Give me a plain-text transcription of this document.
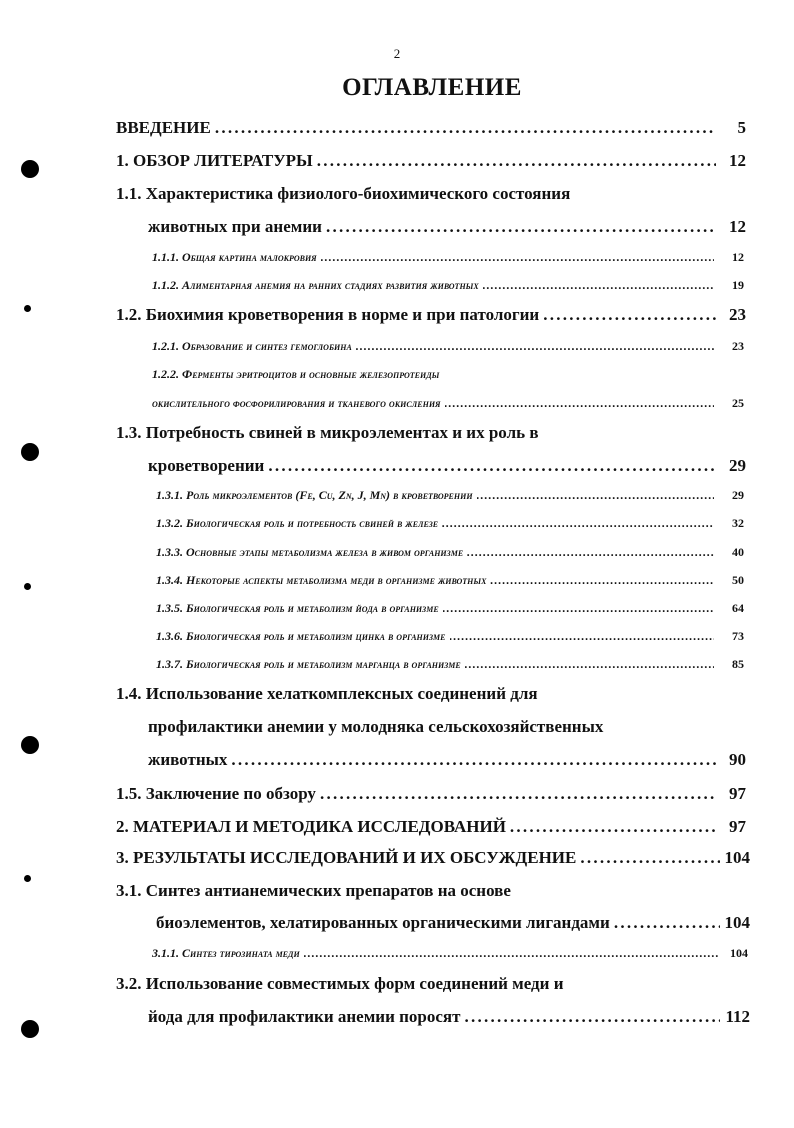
2
ОГЛАВЛЕНИЕ
ВВЕДЕНИЕ . . .	5
1. ОБЗОР ЛИТЕРАТУРЫ . . .	12
1.1. Характеристика физиолого-биохимического состояния
животных при анемии . . .	12
1.1.1. Общая картина малокровия . . .	12
1.1.2. Алиментарная анемия на ранних стадиях развития животных . . .	19
1.2. Биохимия кроветворения в норме и при патологии . . .	23
1.2.1. Образование и синтез гемоглобина . . .	23
1.2.2. Ферменты эритроцитов и основные железопротеиды
окислительного фосфорилирования и тканевого окисления . . .	25
1.3. Потребность свиней в микроэлементах и их роль в
кроветворении . . .	29
1.3.1. Роль микроэлементов (Fe, Cu, Zn, J, Mn) в кроветворении . . .	29
1.3.2. Биологическая роль и потребность свиней в железе . . .	32
1.3.3. Основные этапы метаболизма железа в живом организме . . .	40
1.3.4. Некоторые аспекты метаболизма меди в организме животных . . .	50
1.3.5. Биологическая роль и метаболизм йода в организме . . .	64
1.3.6. Биологическая роль и метаболизм цинка в организме . . .	73
1.3.7. Биологическая роль и метаболизм марганца в организме . . .	85
1.4. Использование хелаткомплексных соединений для
профилактики анемии у молодняка сельскохозяйственных
животных . . .	90
1.5. Заключение по обзору . . .	97
2. МАТЕРИАЛ И МЕТОДИКА ИССЛЕДОВАНИЙ . . .	97
3. РЕЗУЛЬТАТЫ ИССЛЕДОВАНИЙ И ИХ ОБСУЖДЕНИЕ . . .	104
3.1. Синтез антианемических препаратов на основе
биоэлементов, хелатированных органическими лигандами . . .	104
3.1.1. Синтез тирозината меди . . .	104
3.2. Использование совместимых форм соединений меди и
йода для профилактики анемии поросят . . .	112
